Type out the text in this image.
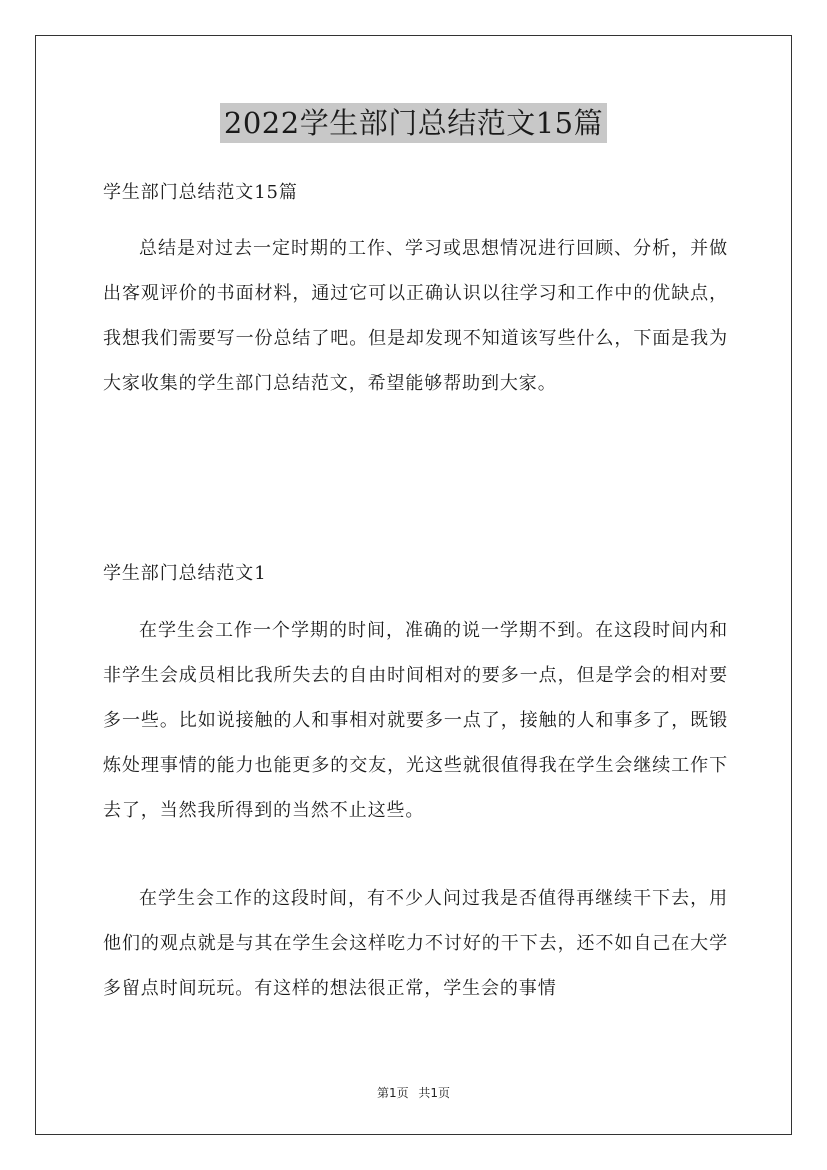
2022学生部门总结范文15篇

学生部门总结范文15篇

总结是对过去一定时期的工作、学习或思想情况进行回顾、分析，并做出客观评价的书面材料，通过它可以正确认识以往学习和工作中的优缺点，我想我们需要写一份总结了吧。但是却发现不知道该写些什么，下面是我为大家收集的学生部门总结范文，希望能够帮助到大家。

学生部门总结范文1

在学生会工作一个学期的时间，准确的说一学期不到。在这段时间内和非学生会成员相比我所失去的自由时间相对的要多一点，但是学会的相对要多一些。比如说接触的人和事相对就要多一点了，接触的人和事多了，既锻炼处理事情的能力也能更多的交友，光这些就很值得我在学生会继续工作下去了，当然我所得到的当然不止这些。

在学生会工作的这段时间，有不少人问过我是否值得再继续干下去，用他们的观点就是与其在学生会这样吃力不讨好的干下去，还不如自己在大学多留点时间玩玩。有这样的想法很正常，学生会的事情

第1页 共1页
